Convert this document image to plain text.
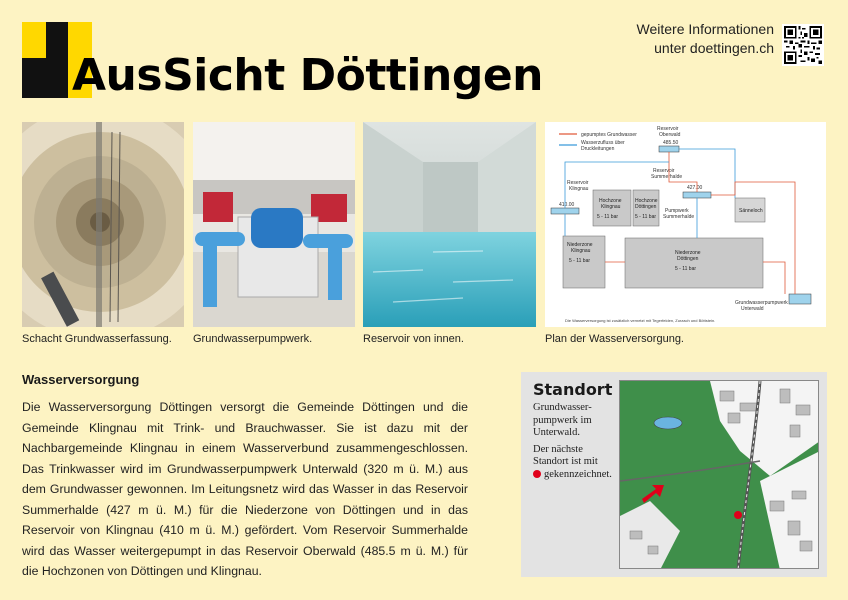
AusSicht Döttingen
Weitere Informationen
unter doettingen.ch
Schacht Grundwasserfassung. Grundwasserpumpwerk.	Reservoir von innen.
gepumptes Grundwasser
Wasserzufluss über
Druckleitungen
Reservoir
Oberwald
485.50
Reservoir
Summerhalde
427.00
Reservoir
Klingnau
410.00
Hochzone
Klingnau
5 - 11 bar
Hochzone
Döttingen
5 - 11 bar
Pumpwerk
Summerhalde
Sänneloch
Niederzone
Klingnau
5 - 11 bar
Niederzone
Döttingen
5 - 11 bar
Grundwasserpumpwerk
Unterwald
Die Wasserversorgung ist zusätzlich vernetzt mit Tegerfelden, Zurzach und Böttstein.
Plan der Wasserversorgung.
Wasserversorgung
Die Wasserversorgung Döttingen versorgt die Gemeinde Döttingen und die Gemeinde Klingnau mit Trink- und Brauchwasser. Sie ist dazu mit der Nachbargemeinde Klingnau in einem Wasserverbund zusammengeschlossen. Das Trinkwasser wird im Grundwasserpumpwerk Unterwald (320 m ü. M.) aus dem Grundwasser gewonnen. Im Leitungsnetz wird das Wasser in das Reservoir Summerhalde (427 m ü. M.) für die Niederzone von Döttingen und in das Reservoir von Klingnau (410 m ü. M.) gefördert. Vom Reservoir Summerhalde wird das Wasser weitergepumpt in das Reservoir Oberwald (485.5 m ü. M.) für die Hochzonen von Döttingen und Klingnau.
Standort

Grundwasser-pumpwerk im Unterwald.

Der nächste Standort ist mit
gekennzeichnet.
